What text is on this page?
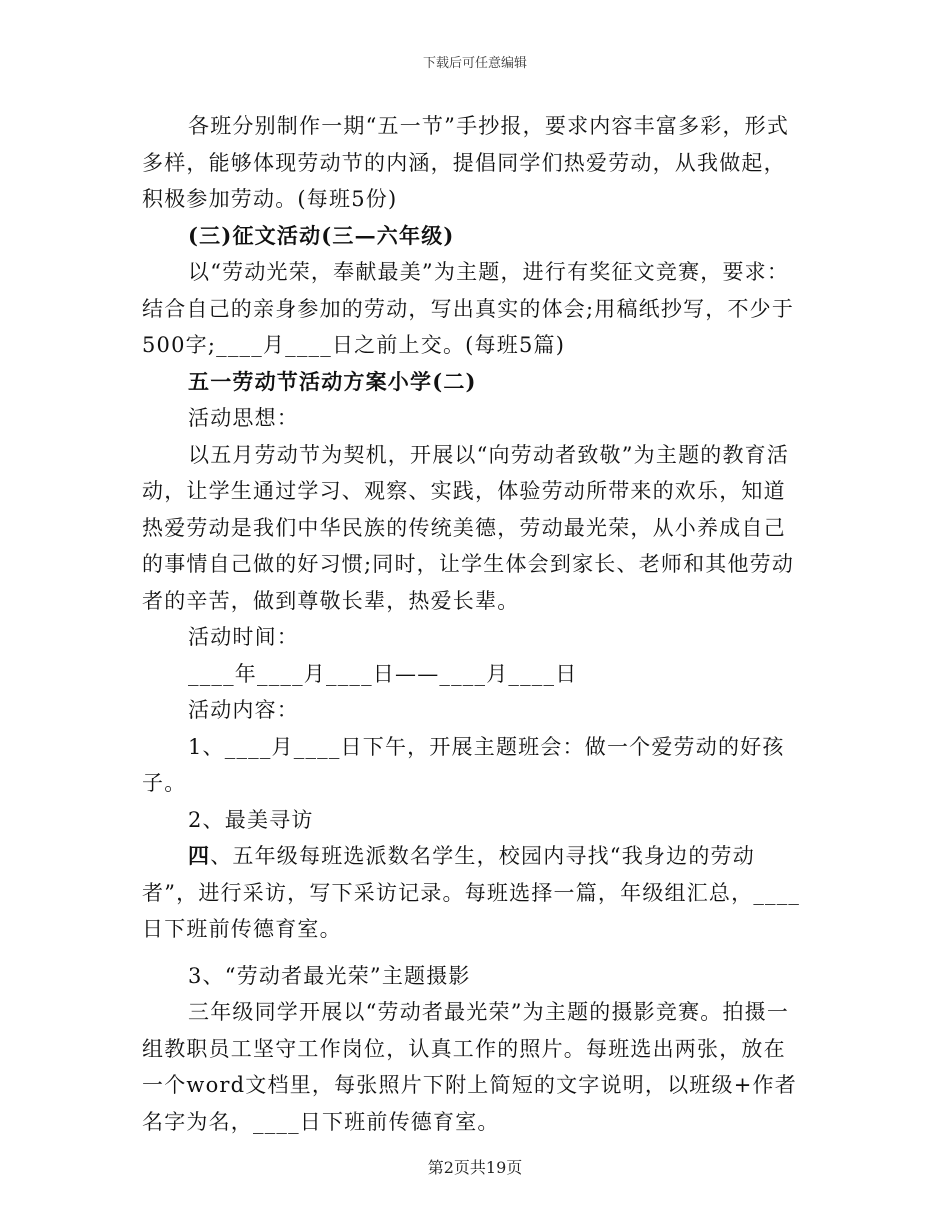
下载后可任意编辑

各班分别制作一期“五一节”手抄报，要求内容丰富多彩，形式多样，能够体现劳动节的内涵，提倡同学们热爱劳动，从我做起，积极参加劳动。(每班5份)

(三)征文活动(三—六年级)

以“劳动光荣，奉献最美”为主题，进行有奖征文竞赛，要求：结合自己的亲身参加的劳动，写出真实的体会;用稿纸抄写，不少于500字;____月____日之前上交。(每班5篇)

五一劳动节活动方案小学(二)

活动思想：

以五月劳动节为契机，开展以“向劳动者致敬”为主题的教育活动，让学生通过学习、观察、实践，体验劳动所带来的欢乐，知道热爱劳动是我们中华民族的传统美德，劳动最光荣，从小养成自己的事情自己做的好习惯;同时，让学生体会到家长、老师和其他劳动者的辛苦，做到尊敬长辈，热爱长辈。

活动时间：

____年____月____日——____月____日

活动内容：

1、____月____日下午，开展主题班会：做一个爱劳动的好孩子。

2、最美寻访

四、五年级每班选派数名学生，校园内寻找“我身边的劳动者”，进行采访，写下采访记录。每班选择一篇，年级组汇总，____日下班前传德育室。

3、“劳动者最光荣”主题摄影

三年级同学开展以“劳动者最光荣”为主题的摄影竞赛。拍摄一组教职员工坚守工作岗位，认真工作的照片。每班选出两张，放在一个word文档里，每张照片下附上简短的文字说明，以班级+作者名字为名，____日下班前传德育室。

第2页共19页
